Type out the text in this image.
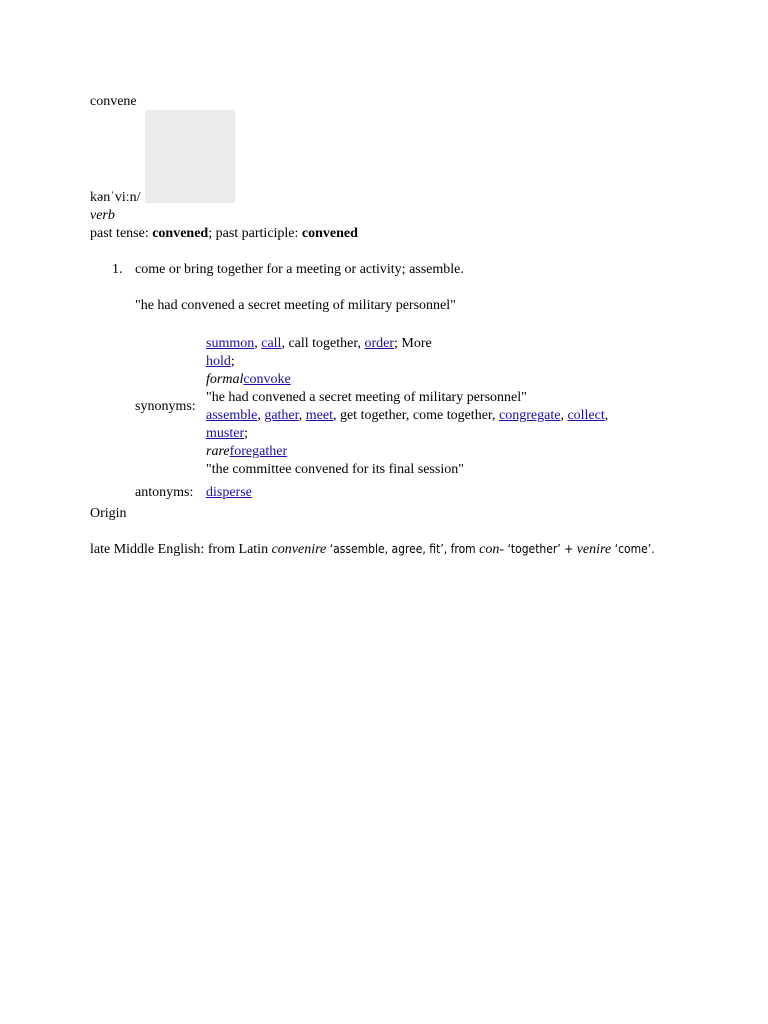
convene
kənˈviːn/
verb
past tense: convened; past participle: convened
1. come or bring together for a meeting or activity; assemble.
"he had convened a secret meeting of military personnel"
synonyms:
summon, call, call together, order; More
hold;
formalconvoke
"he had convened a secret meeting of military personnel"
assemble, gather, meet, get together, come together, congregate, collect,
muster;
rareforegather
"the committee convened for its final session"
antonyms: disperse
Origin
late Middle English: from Latin convenire ‘assemble, agree, fit’, from con- ‘together’ + venire ‘come’.
